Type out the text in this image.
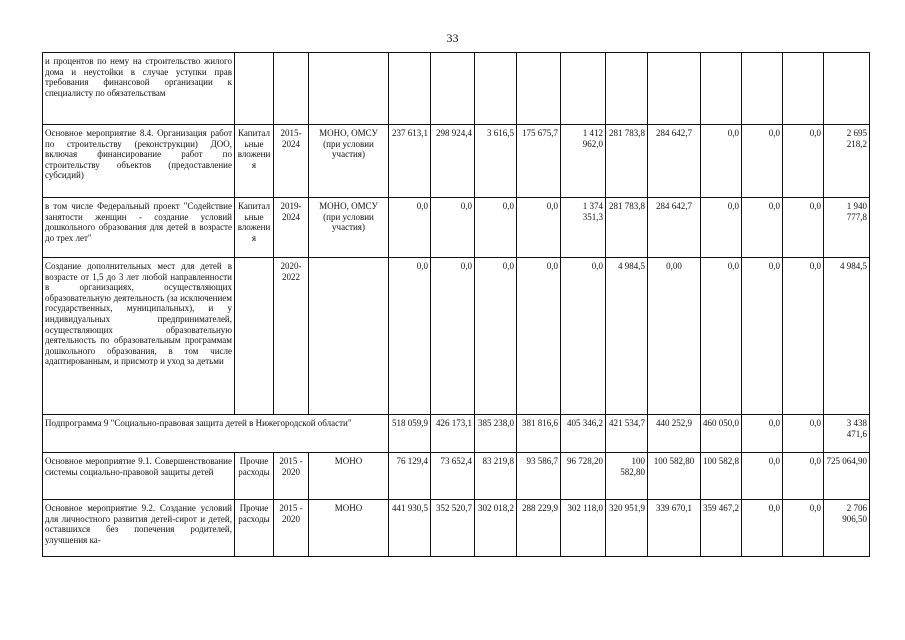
33
и процентов по нему на строительство жилого дома и неустойки в случае уступки прав требования финансовой организации к специалисту по обязательствам														
Основное мероприятие 8.4. Организация работ по строительству (реконструкции) ДОО, включая финансирование работ по строительству объектов (предоставление субсидий)	Капитальные вложения	2015-2024	МОНО, ОМСУ (при условии участия)	237 613,1	298 924,4	3 616,5	175 675,7	1 412 962,0	281 783,8	284 642,7	0,0	0,0	0,0	2 695 218,2
в том числе Федеральный проект "Содействие занятости женщин - создание условий дошкольного образования для детей в возрасте до трех лет"	Капитальные вложения	2019-2024	МОНО, ОМСУ (при условии участия)	0,0	0,0	0,0	0,0	1 374 351,3	281 783,8	284 642,7	0,0	0,0	0,0	1 940 777,8
Создание дополнительных мест для детей в возрасте от 1,5 до 3 лет любой направленности в организациях, осуществляющих образовательную деятельность (за исключением государственных, муниципальных), и у индивидуальных предпринимателей, осуществляющих образовательную деятельность по образовательным программам дошкольного образования, в том числе адаптированным, и присмотр и уход за детьми		2020-2022		0,0	0,0	0,0	0,0	0,0	4 984,5	0,00	0,0	0,0	0,0	4 984,5
Подпрограмма 9 "Социально-правовая защита детей в Нижегородской области"				518 059,9	426 173,1	385 238,0	381 816,6	405 346,2	421 534,7	440 252,9	460 050,0	0,0	0,0	3 438 471,6
Основное мероприятие 9.1. Совершенствование системы социально-правовой защиты детей	Прочие расходы	2015 - 2020	МОНО	76 129,4	73 652,4	83 219,8	93 586,7	96 728,20	100 582,80	100 582,80	100 582,8	0,0	0,0	725 064,90
Основное мероприятие 9.2. Создание условий для личностного развития детей-сирот и детей, оставшихся без попечения родителей, улучшения ка-	Прочие расходы	2015 - 2020	МОНО	441 930,5	352 520,7	302 018,2	288 229,9	302 118,0	320 951,9	339 670,1	359 467,2	0,0	0,0	2 706 906,50
